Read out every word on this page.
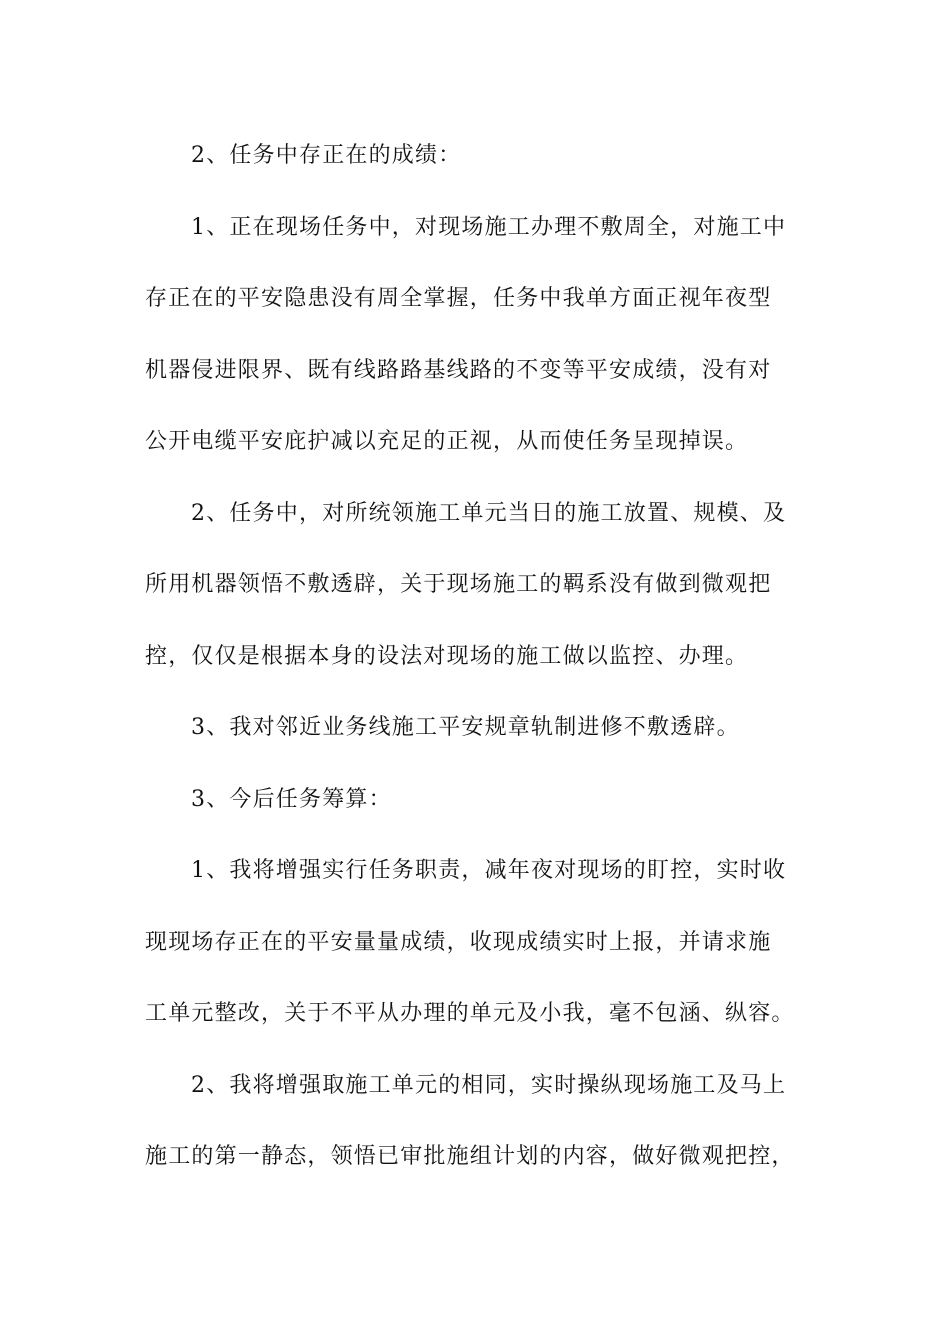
2、任务中存正在的成绩：
1、正在现场任务中，对现场施工办理不敷周全，对施工中
存正在的平安隐患没有周全掌握，任务中我单方面正视年夜型
机器侵进限界、既有线路路基线路的不变等平安成绩，没有对
公开电缆平安庇护减以充足的正视，从而使任务呈现掉误。
2、任务中，对所统领施工单元当日的施工放置、规模、及
所用机器领悟不敷透辟，关于现场施工的羁系没有做到微观把
控，仅仅是根据本身的设法对现场的施工做以监控、办理。
3、我对邻近业务线施工平安规章轨制进修不敷透辟。
3、今后任务筹算：
1、我将增强实行任务职责，减年夜对现场的盯控，实时收
现现场存正在的平安量量成绩，收现成绩实时上报，并请求施
工单元整改，关于不平从办理的单元及小我，毫不包涵、纵容。
2、我将增强取施工单元的相同，实时操纵现场施工及马上
施工的第一静态，领悟已审批施组计划的内容，做好微观把控，
